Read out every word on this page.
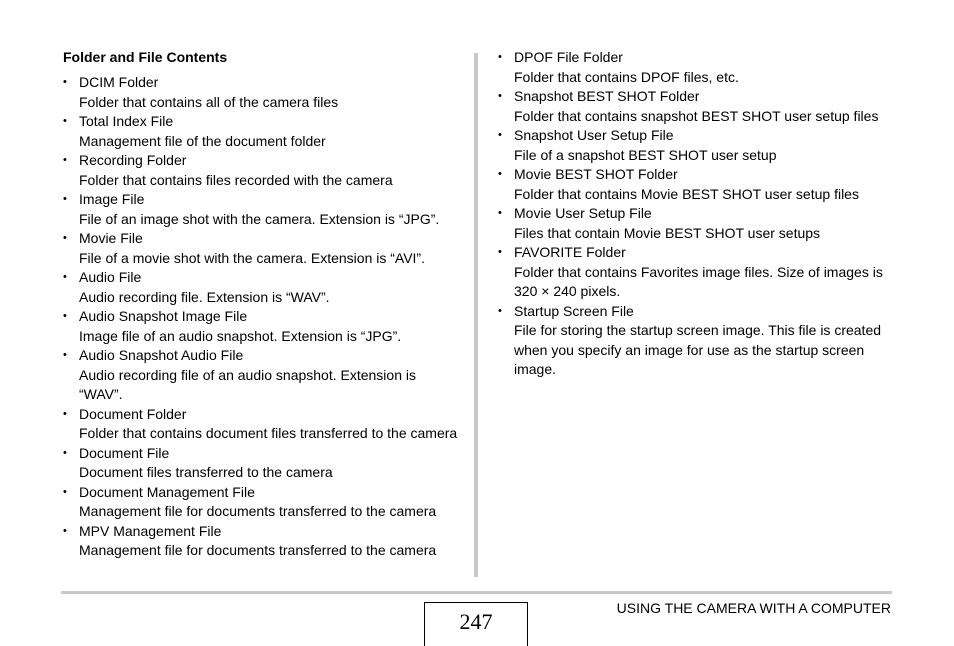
Folder and File Contents
• DCIM Folder
Folder that contains all of the camera files
• Total Index File
Management file of the document folder
• Recording Folder
Folder that contains files recorded with the camera
• Image File
File of an image shot with the camera. Extension is “JPG”.
• Movie File
File of a movie shot with the camera. Extension is “AVI”.
• Audio File
Audio recording file. Extension is “WAV”.
• Audio Snapshot Image File
Image file of an audio snapshot. Extension is “JPG”.
• Audio Snapshot Audio File
Audio recording file of an audio snapshot. Extension is “WAV”.
• Document Folder
Folder that contains document files transferred to the camera
• Document File
Document files transferred to the camera
• Document Management File
Management file for documents transferred to the camera
• MPV Management File
Management file for documents transferred to the camera
• DPOF File Folder
Folder that contains DPOF files, etc.
• Snapshot BEST SHOT Folder
Folder that contains snapshot BEST SHOT user setup files
• Snapshot User Setup File
File of a snapshot BEST SHOT user setup
• Movie BEST SHOT Folder
Folder that contains Movie BEST SHOT user setup files
• Movie User Setup File
Files that contain Movie BEST SHOT user setups
• FAVORITE Folder
Folder that contains Favorites image files. Size of images is 320 × 240 pixels.
• Startup Screen File
File for storing the startup screen image. This file is created when you specify an image for use as the startup screen image.
247
USING THE CAMERA WITH A COMPUTER
